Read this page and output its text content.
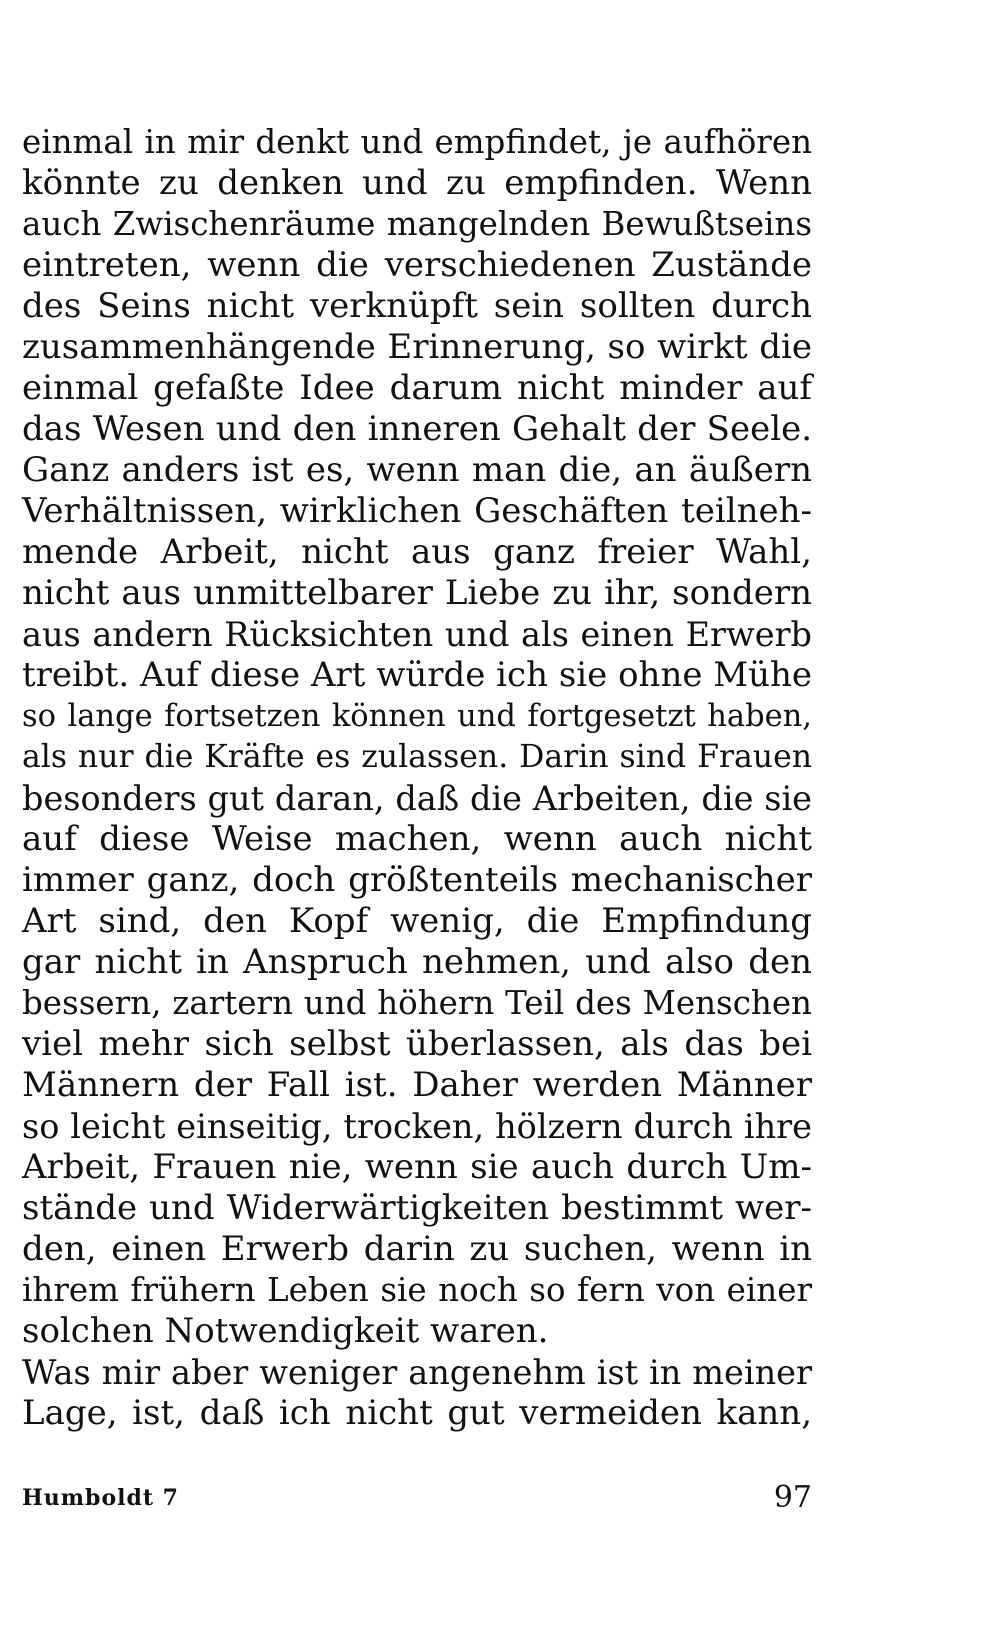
einmal in mir denkt und empfindet, je aufhören
könnte zu denken und zu empfinden. Wenn
auch Zwischenräume mangelnden Bewußtseins
eintreten, wenn die verschiedenen Zustände
des Seins nicht verknüpft sein sollten durch
zusammenhängende Erinnerung, so wirkt die
einmal gefaßte Idee darum nicht minder auf
das Wesen und den inneren Gehalt der Seele.
Ganz anders ist es, wenn man die, an äußern
Verhältnissen, wirklichen Geschäften teilneh-
mende Arbeit, nicht aus ganz freier Wahl,
nicht aus unmittelbarer Liebe zu ihr, sondern
aus andern Rücksichten und als einen Erwerb
treibt. Auf diese Art würde ich sie ohne Mühe
so lange fortsetzen können und fortgesetzt haben,
als nur die Kräfte es zulassen. Darin sind Frauen
besonders gut daran, daß die Arbeiten, die sie
auf diese Weise machen, wenn auch nicht
immer ganz, doch größtenteils mechanischer
Art sind, den Kopf wenig, die Empfindung
gar nicht in Anspruch nehmen, und also den
bessern, zartern und höhern Teil des Menschen
viel mehr sich selbst überlassen, als das bei
Männern der Fall ist. Daher werden Männer
so leicht einseitig, trocken, hölzern durch ihre
Arbeit, Frauen nie, wenn sie auch durch Um-
stände und Widerwärtigkeiten bestimmt wer-
den, einen Erwerb darin zu suchen, wenn in
ihrem frühern Leben sie noch so fern von einer
solchen Notwendigkeit waren.
Was mir aber weniger angenehm ist in meiner
Lage, ist, daß ich nicht gut vermeiden kann,
Humboldt 7	97
